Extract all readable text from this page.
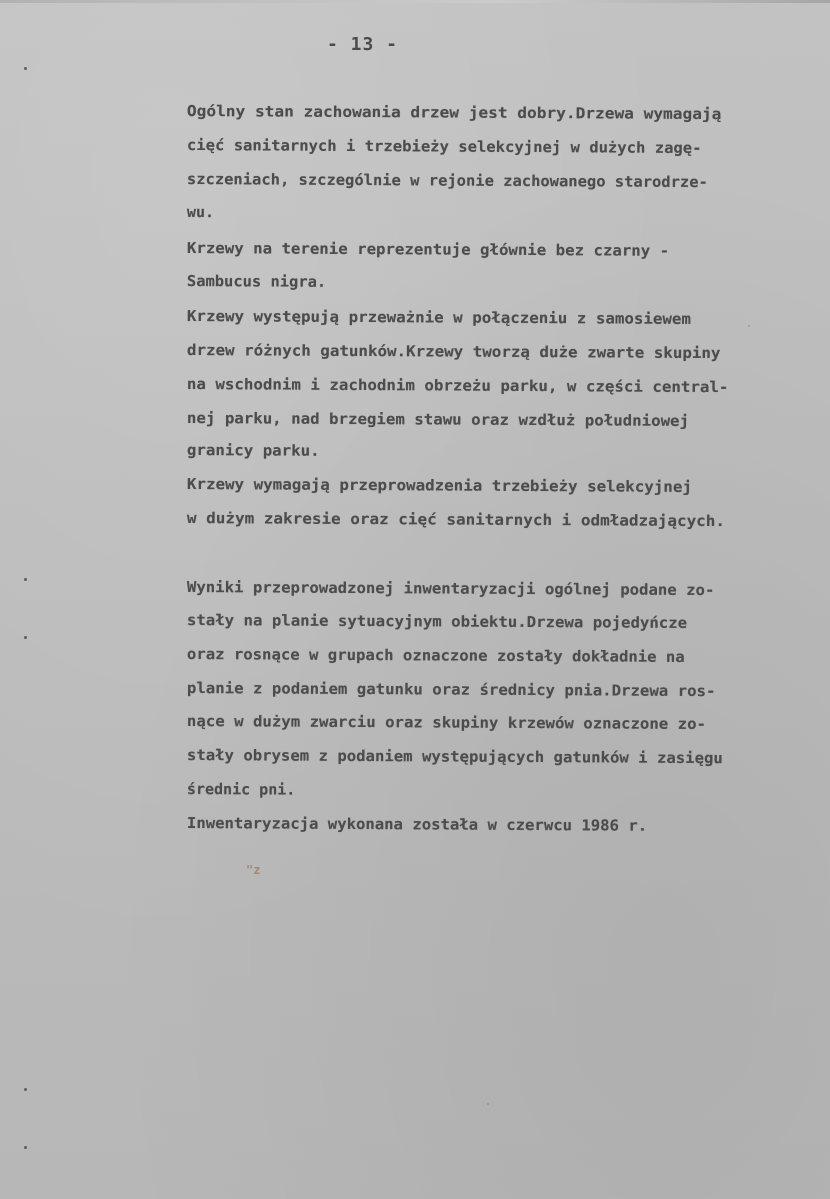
- 13 -
Ogólny stan zachowania drzew jest dobry.Drzewa wymagają
cięć sanitarnych i trzebieży selekcyjnej w dużych zagę-
szczeniach, szczególnie w rejonie zachowanego starodrze-
wu.
Krzewy na terenie reprezentuje głównie bez czarny -
Sambucus nigra.
Krzewy występują przeważnie w połączeniu z samosiewem
drzew różnych gatunków.Krzewy tworzą duże zwarte skupiny
na wschodnim i zachodnim obrzeżu parku, w części central-
nej parku, nad brzegiem stawu oraz wzdłuż południowej
granicy parku.
Krzewy wymagają przeprowadzenia trzebieży selekcyjnej
w dużym zakresie oraz cięć sanitarnych i odmładzających.
Wyniki przeprowadzonej inwentaryzacji ogólnej podane zo-
stały na planie sytuacyjnym obiektu.Drzewa pojedyńcze
oraz rosnące w grupach oznaczone zostały dokładnie na
planie z podaniem gatunku oraz średnicy pnia.Drzewa ros-
nące w dużym zwarciu oraz skupiny krzewów oznaczone zo-
stały obrysem z podaniem występujących gatunków i zasięgu
średnic pni.
Inwentaryzacja wykonana została w czerwcu 1986 r.
"z
